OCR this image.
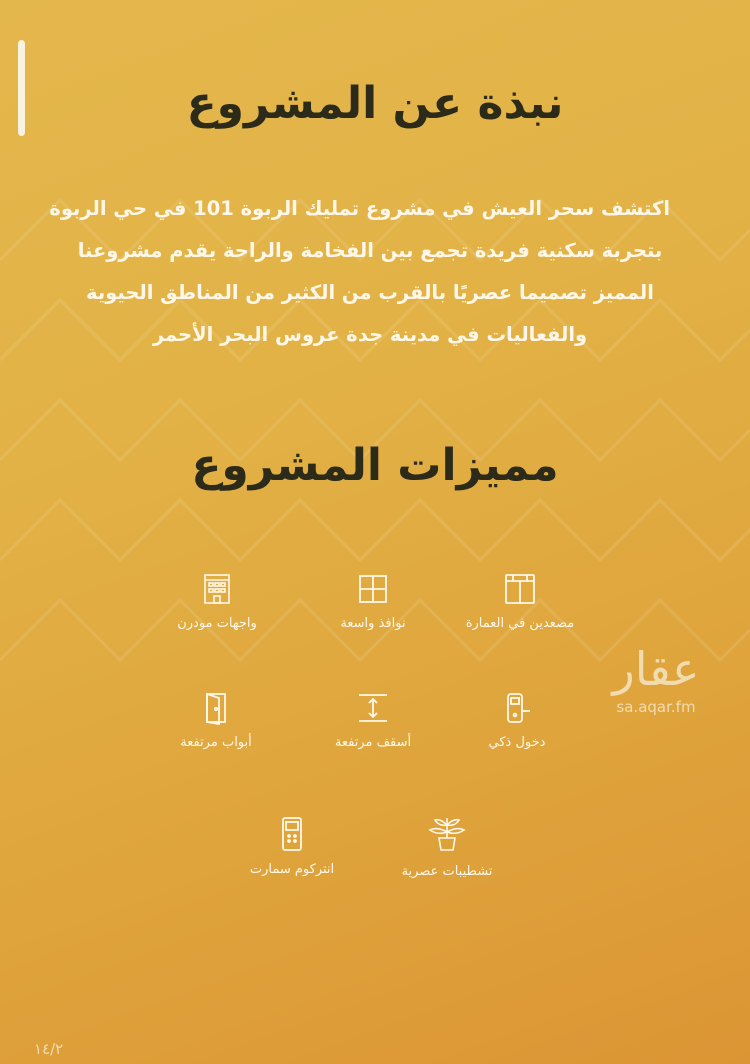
نبذة عن المشروع
اكتشف سحر العيش في مشروع تمليك الربوة 101 في حي الربوة
بتجربة سكنية فريدة تجمع بين الفخامة والراحة يقدم مشروعنا
المميز تصميما عصريًا بالقرب من الكثير من المناطق الحيوية
والفعاليات في مدينة جدة عروس البحر الأحمر
مميزات المشروع
مصعدين في العمارة
نوافذ واسعة
واجهات مودرن
دخول ذكي
أسقف مرتفعة
أبواب مرتفعة
تشطيبات عصرية
انتركوم سمارت
عقار
sa.aqar.fm
١٤/٢
